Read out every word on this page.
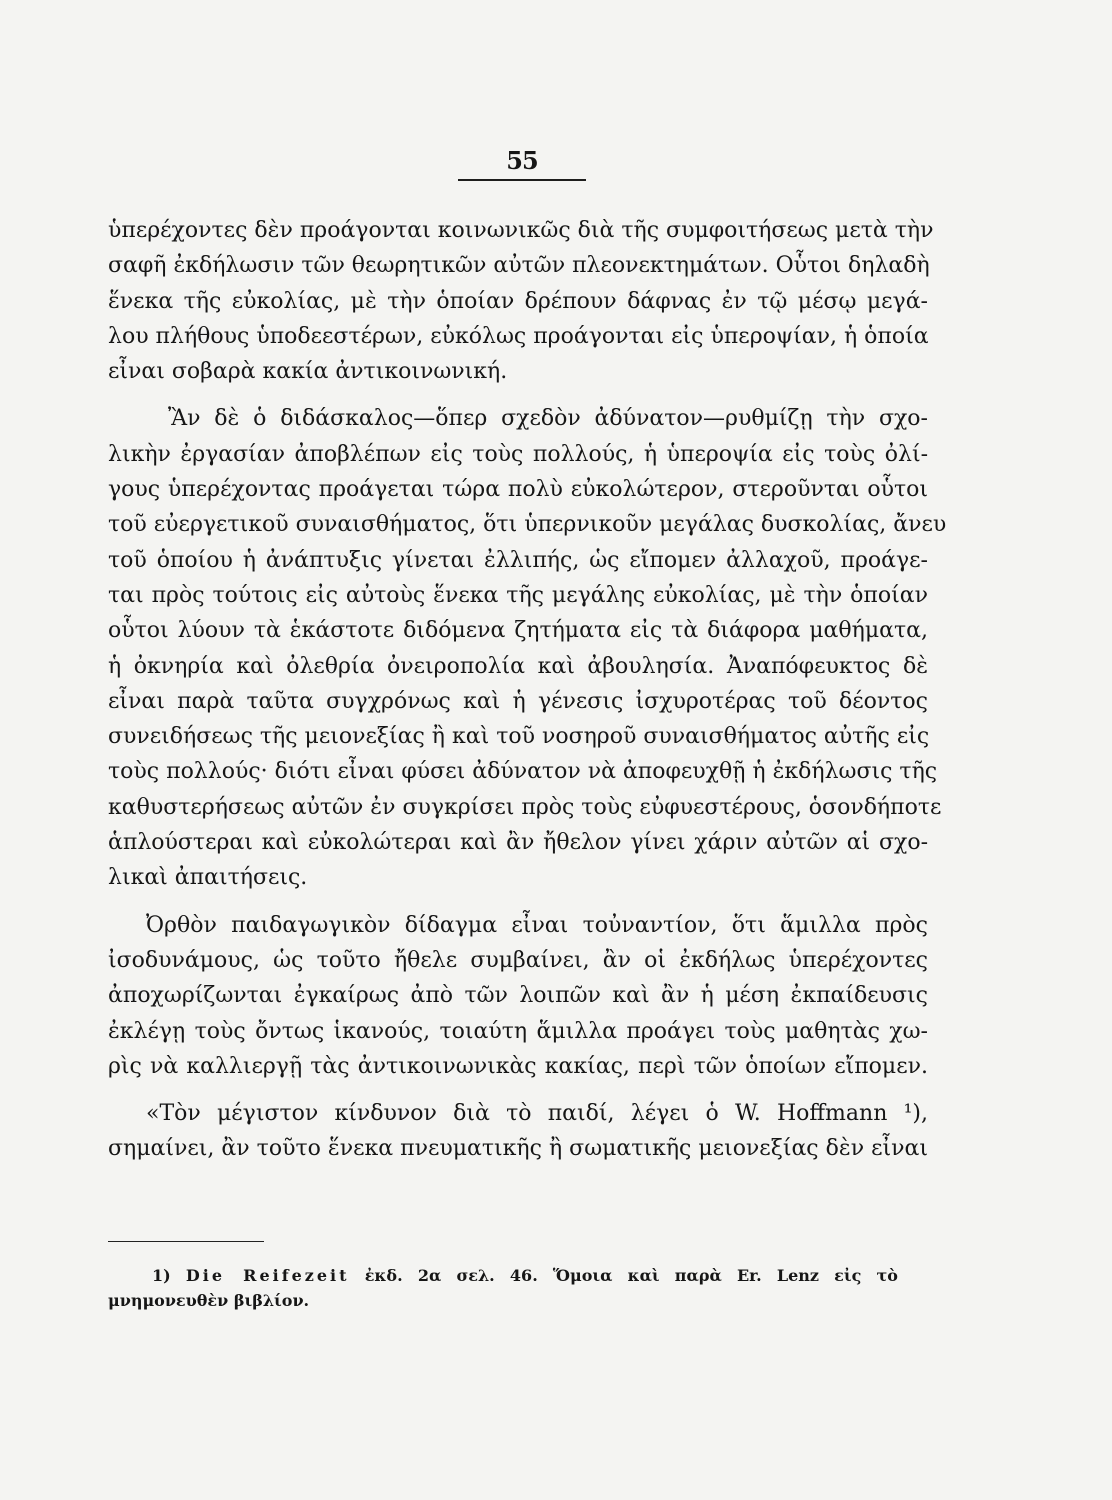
55
ὑπερέχοντες δὲν προάγονται κοινωνικῶς διὰ τῆς συμφοιτήσεως μετὰ τὴν
σαφῆ ἐκδήλωσιν τῶν θεωρητικῶν αὐτῶν πλεονεκτημάτων. Οὗτοι δηλαδὴ
ἕνεκα τῆς εὐκολίας, μὲ τὴν ὁποίαν δρέπουν δάφνας ἐν τῷ μέσῳ μεγά-
λου πλήθους ὑποδεεστέρων, εὐκόλως προάγονται εἰς ὑπεροψίαν, ἡ ὁποία
εἶναι σοβαρὰ κακία ἀντικοινωνική.
Ἂν δὲ ὁ διδάσκαλος—ὅπερ σχεδὸν ἀδύνατον—ρυθμίζῃ τὴν σχο-
λικὴν ἐργασίαν ἀποβλέπων εἰς τοὺς πολλούς, ἡ ὑπεροψία εἰς τοὺς ὀλί-
γους ὑπερέχοντας προάγεται τώρα πολὺ εὐκολώτερον, στεροῦνται οὗτοι
τοῦ εὐεργετικοῦ συναισθήματος, ὅτι ὑπερνικοῦν μεγάλας δυσκολίας, ἄνευ
τοῦ ὁποίου ἡ ἀνάπτυξις γίνεται ἐλλιπής, ὡς εἴπομεν ἀλλαχοῦ, προάγε-
ται πρὸς τούτοις εἰς αὐτοὺς ἕνεκα τῆς μεγάλης εὐκολίας, μὲ τὴν ὁποίαν
οὗτοι λύουν τὰ ἑκάστοτε διδόμενα ζητήματα εἰς τὰ διάφορα μαθήματα,
ἡ ὀκνηρία καὶ ὀλεθρία ὀνειροπολία καὶ ἀβουλησία. Ἀναπόφευκτος δὲ
εἶναι παρὰ ταῦτα συγχρόνως καὶ ἡ γένεσις ἰσχυροτέρας τοῦ δέοντος
συνειδήσεως τῆς μειονεξίας ἢ καὶ τοῦ νοσηροῦ συναισθήματος αὐτῆς εἰς
τοὺς πολλούς· διότι εἶναι φύσει ἀδύνατον νὰ ἀποφευχθῇ ἡ ἐκδήλωσις τῆς
καθυστερήσεως αὐτῶν ἐν συγκρίσει πρὸς τοὺς εὐφυεστέρους, ὁσονδήποτε
ἁπλούστεραι καὶ εὐκολώτεραι καὶ ἂν ἤθελον γίνει χάριν αὐτῶν αἱ σχο-
λικαὶ ἀπαιτήσεις.
Ὀρθὸν παιδαγωγικὸν δίδαγμα εἶναι τοὐναντίον, ὅτι ἅμιλλα πρὸς
ἰσοδυνάμους, ὡς τοῦτο ἤθελε συμβαίνει, ἂν οἱ ἐκδήλως ὑπερέχοντες
ἀποχωρίζωνται ἐγκαίρως ἀπὸ τῶν λοιπῶν καὶ ἂν ἡ μέση ἐκπαίδευσις
ἐκλέγῃ τοὺς ὄντως ἱκανούς, τοιαύτη ἅμιλλα προάγει τοὺς μαθητὰς χω-
ρὶς νὰ καλλιεργῇ τὰς ἀντικοινωνικὰς κακίας, περὶ τῶν ὁποίων εἴπομεν.
«Τὸν μέγιστον κίνδυνον διὰ τὸ παιδί, λέγει ὁ W. Hoffmann ¹),
σημαίνει, ἂν τοῦτο ἕνεκα πνευματικῆς ἢ σωματικῆς μειονεξίας δὲν εἶναι
1) Die Reifezeit ἐκδ. 2α σελ. 46. Ὅμοια καὶ παρὰ Er. Lenz εἰς τὸ
μνημονευθὲν βιβλίον.
